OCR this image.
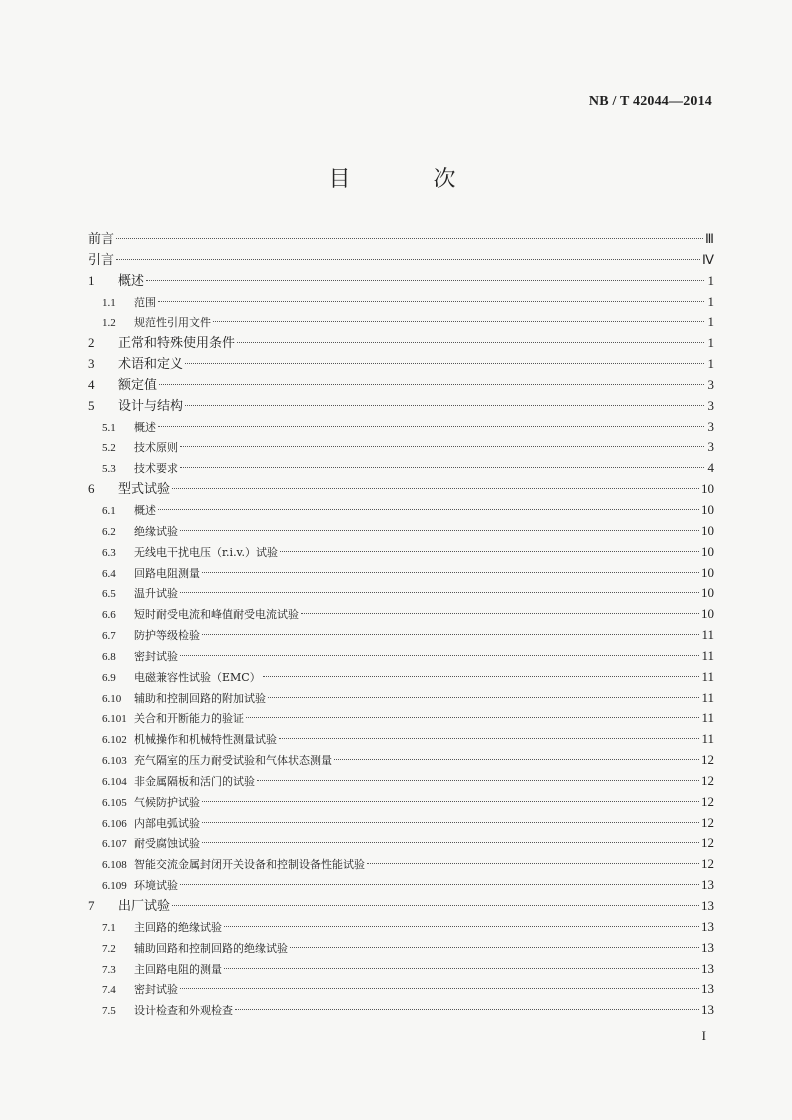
NB / T 42044—2014
目 次
前言	Ⅲ
引言	Ⅳ
1	概述	1
1.1	范围	1
1.2	规范性引用文件	1
2	正常和特殊使用条件	1
3	术语和定义	1
4	额定值	3
5	设计与结构	3
5.1	概述	3
5.2	技术原则	3
5.3	技术要求	4
6	型式试验	10
6.1	概述	10
6.2	绝缘试验	10
6.3	无线电干扰电压（r.i.v.）试验	10
6.4	回路电阻测量	10
6.5	温升试验	10
6.6	短时耐受电流和峰值耐受电流试验	10
6.7	防护等级检验	11
6.8	密封试验	11
6.9	电磁兼容性试验（EMC）	11
6.10	辅助和控制回路的附加试验	11
6.101 关合和开断能力的验证	11
6.102 机械操作和机械特性测量试验	11
6.103 充气隔室的压力耐受试验和气体状态测量	12
6.104 非金属隔板和活门的试验	12
6.105 气候防护试验	12
6.106 内部电弧试验	12
6.107 耐受腐蚀试验	12
6.108 智能交流金属封闭开关设备和控制设备性能试验	12
6.109 环境试验	13
7	出厂试验	13
7.1	主回路的绝缘试验	13
7.2	辅助回路和控制回路的绝缘试验	13
7.3	主回路电阻的测量	13
7.4	密封试验	13
7.5	设计检查和外观检查	13
I
